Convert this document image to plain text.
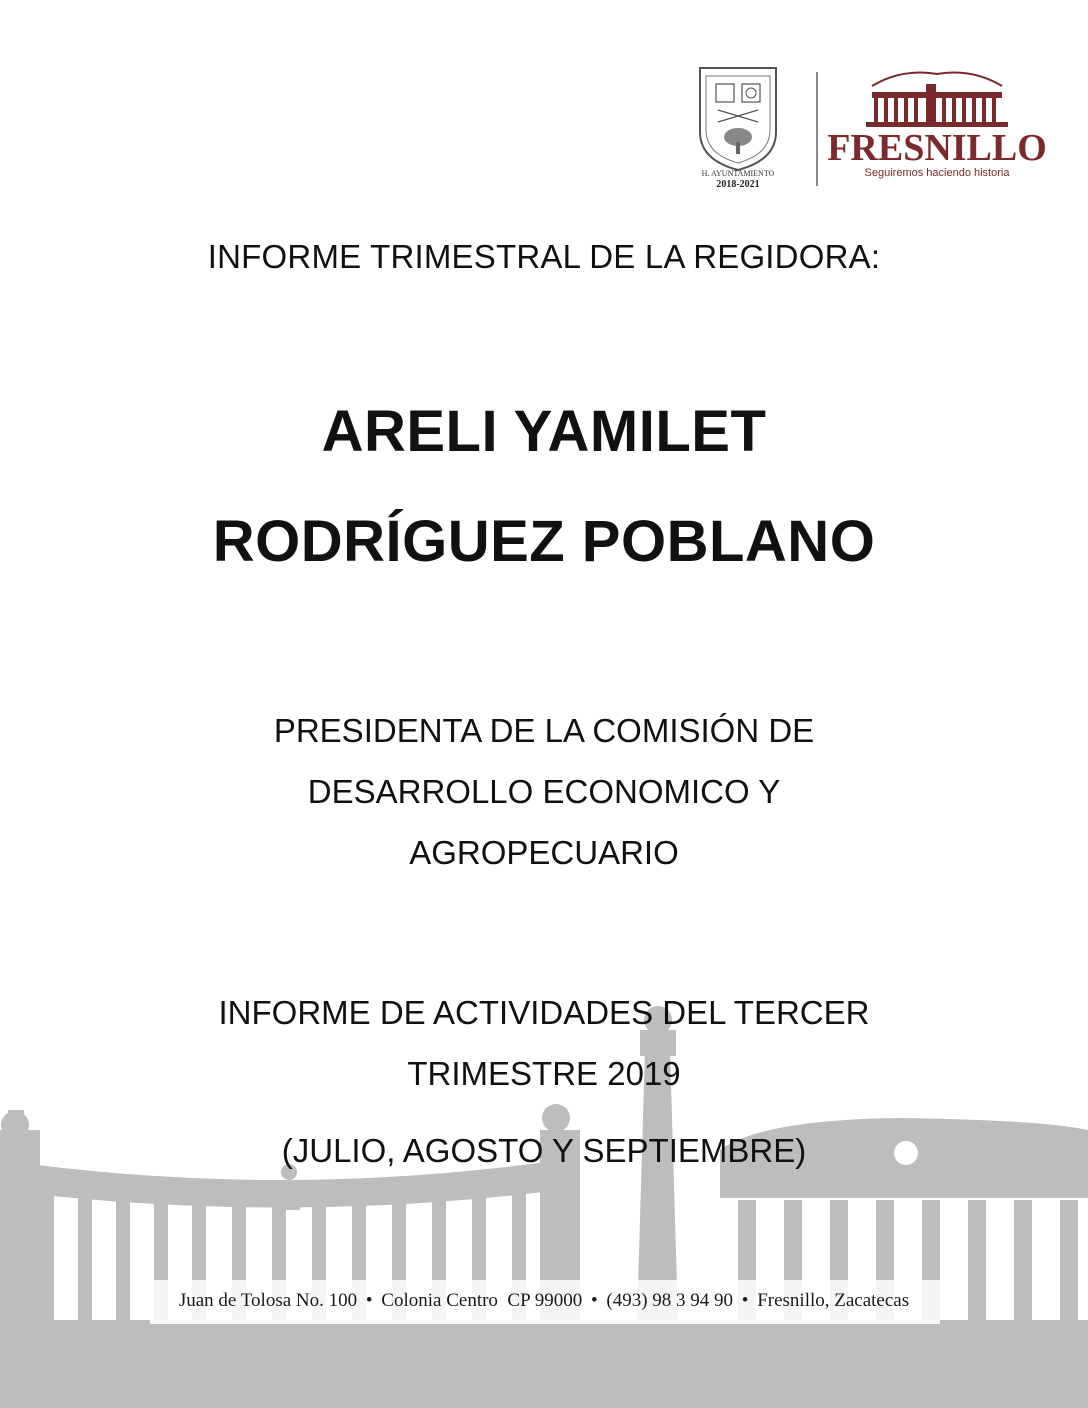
H. AYUNTAMIENTO
2018-2021
FRESNILLO
Seguiremos haciendo historia
INFORME TRIMESTRAL DE LA REGIDORA:
ARELI YAMILET
RODRÍGUEZ POBLANO
PRESIDENTA DE LA COMISIÓN DE
DESARROLLO ECONOMICO Y
AGROPECUARIO
INFORME DE ACTIVIDADES DEL TERCER
TRIMESTRE 2019
(JULIO, AGOSTO Y SEPTIEMBRE)
Juan de Tolosa No. 100 • Colonia Centro  CP 99000 • (493) 98 3 94 90 • Fresnillo, Zacatecas
